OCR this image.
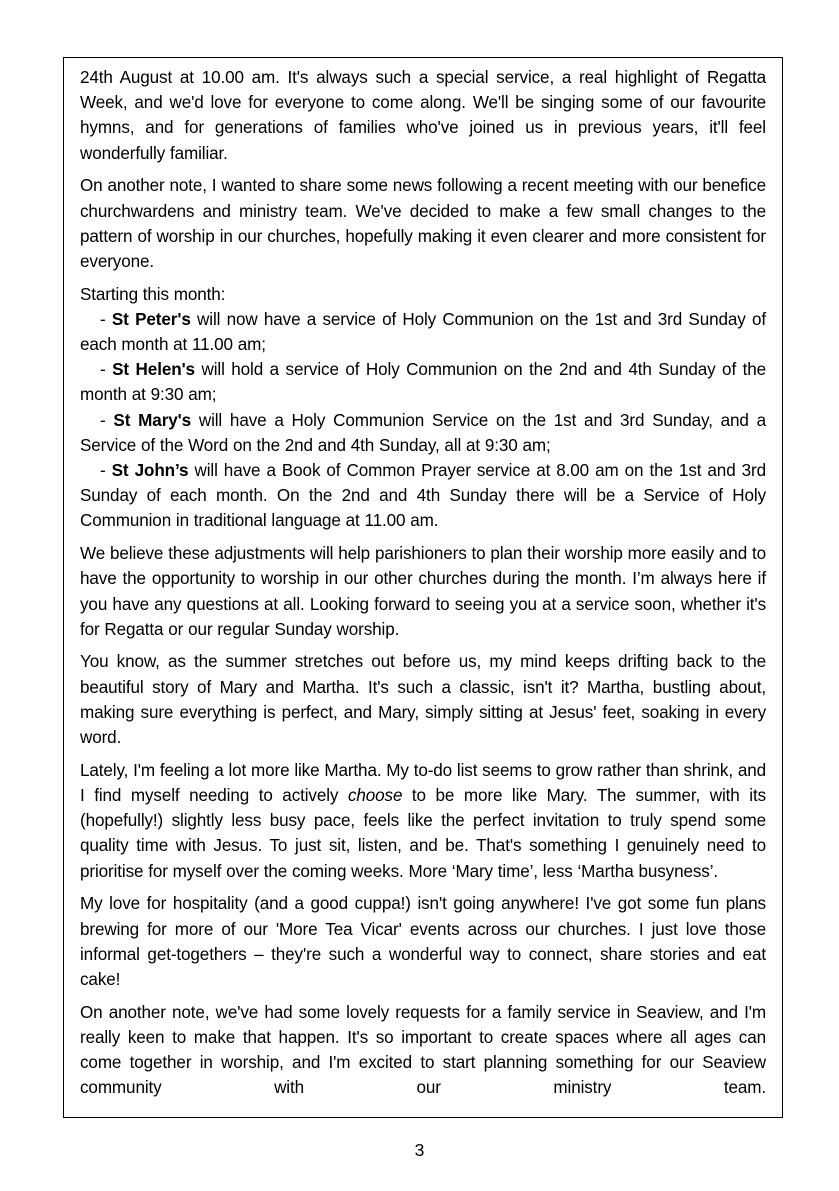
24th August at 10.00 am. It's always such a special service, a real highlight of Regatta Week, and we'd love for everyone to come along. We'll be singing some of our favourite hymns, and for generations of families who've joined us in previous years, it'll feel wonderfully familiar.

On another note, I wanted to share some news following a recent meeting with our benefice churchwardens and ministry team. We've decided to make a few small changes to the pattern of worship in our churches, hopefully making it even clearer and more consistent for everyone.

Starting this month:

- St Peter's will now have a service of Holy Communion on the 1st and 3rd Sunday of each month at 11.00 am;

- St Helen's will hold a service of Holy Communion on the 2nd and 4th Sunday of the month at 9:30 am;

- St Mary's will have a Holy Communion Service on the 1st and 3rd Sunday, and a Service of the Word on the 2nd and 4th Sunday, all at 9:30 am;

- St John’s will have a Book of Common Prayer service at 8.00 am on the 1st and 3rd Sunday of each month. On the 2nd and 4th Sunday there will be a Service of Holy Communion in traditional language at 11.00 am.

We believe these adjustments will help parishioners to plan their worship more easily and to have the opportunity to worship in our other churches during the month. I’m always here if you have any questions at all. Looking forward to seeing you at a service soon, whether it's for Regatta or our regular Sunday worship.

You know, as the summer stretches out before us, my mind keeps drifting back to the beautiful story of Mary and Martha. It's such a classic, isn't it? Martha, bustling about, making sure everything is perfect, and Mary, simply sitting at Jesus' feet, soaking in every word.

Lately, I'm feeling a lot more like Martha. My to-do list seems to grow rather than shrink, and I find myself needing to actively choose to be more like Mary. The summer, with its (hopefully!) slightly less busy pace, feels like the perfect invitation to truly spend some quality time with Jesus. To just sit, listen, and be. That's something I genuinely need to prioritise for myself over the coming weeks. More ‘Mary time’, less ‘Martha busyness’.

My love for hospitality (and a good cuppa!) isn't going anywhere! I've got some fun plans brewing for more of our 'More Tea Vicar' events across our churches. I just love those informal get-togethers – they're such a wonderful way to connect, share stories and eat cake!

On another note, we've had some lovely requests for a family service in Seaview, and I'm really keen to make that happen. It's so important to create spaces where all ages can come together in worship, and I'm excited to start planning something for our Seaview community with our ministry team.

3
